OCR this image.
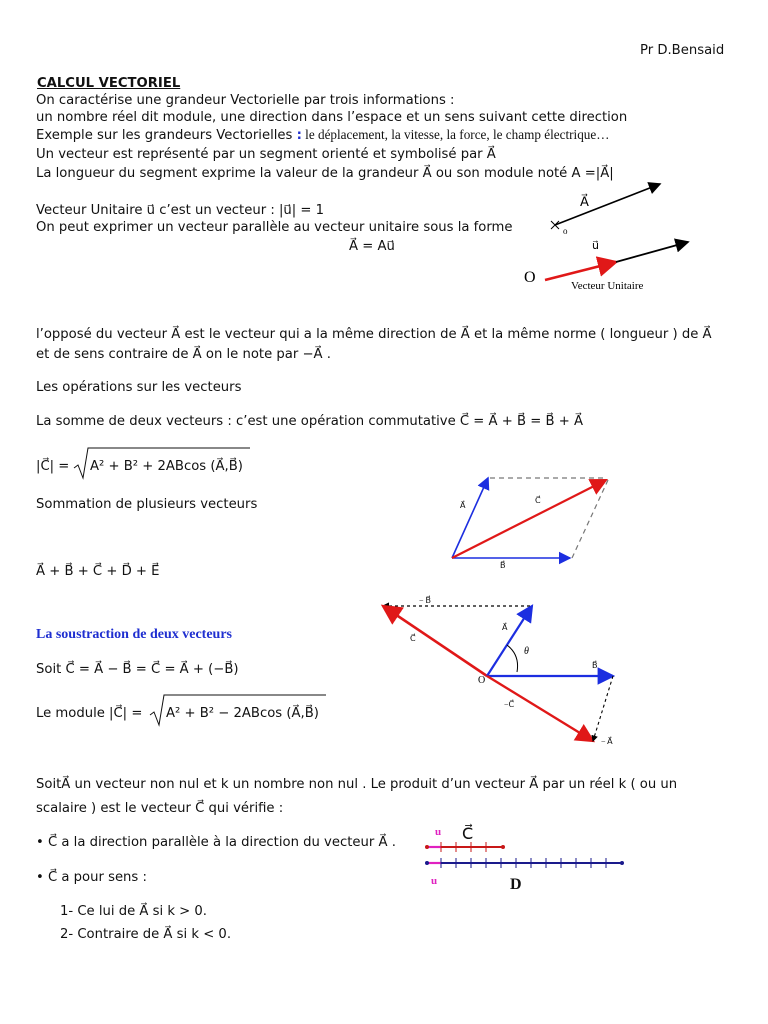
Pr D.Bensaid
CALCUL VECTORIEL
On caractérise une grandeur Vectorielle par trois informations :
un nombre réel dit module, une direction dans l’espace et un sens suivant cette direction
Exemple sur les grandeurs Vectorielles : le déplacement, la vitesse, la force, le champ électrique…
Un vecteur est représenté par un segment orienté et symbolisé par A⃗
La longueur du segment exprime la valeur de la grandeur A⃗ ou son module noté A =|A⃗|
Vecteur Unitaire u⃗ c’est un vecteur : |u⃗| = 1
On peut exprimer un vecteur parallèle au vecteur unitaire sous la forme
A⃗ = Au⃗
l’opposé du vecteur A⃗ est le vecteur qui a la même direction de A⃗ et la même norme ( longueur ) de A⃗
et de sens contraire de A⃗ on le note par −A⃗ .
Les opérations sur les vecteurs
La somme de deux vecteurs : c’est une opération commutative C⃗ = A⃗ + B⃗ = B⃗ + A⃗
|C⃗| = A² + B² + 2ABcos (A⃗,B⃗)
Sommation de plusieurs vecteurs
A⃗ + B⃗ + C⃗ + D⃗ + E⃗
La soustraction de deux vecteurs
Soit C⃗ = A⃗ − B⃗ = C⃗ = A⃗ + (−B⃗)
Le module |C⃗| = A² + B² − 2ABcos (A⃗,B⃗)
SoitA⃗ un vecteur non nul et k un nombre non nul . Le produit d’un vecteur A⃗ par un réel k ( ou un
scalaire ) est le vecteur C⃗ qui vérifie :
• C⃗ a la direction parallèle à la direction du vecteur A⃗ .
• C⃗ a pour sens :
1- Ce lui de A⃗ si k > 0.
2- Contraire de A⃗ si k < 0.
A⃗
o
u⃗
O	Vecteur Unitaire
A⃗
C⃗
B⃗
− B⃗
C⃗
A⃗
θ
O
B⃗
−C⃗
− A⃗
u⃗ C⃗
u⃗	D⃗
